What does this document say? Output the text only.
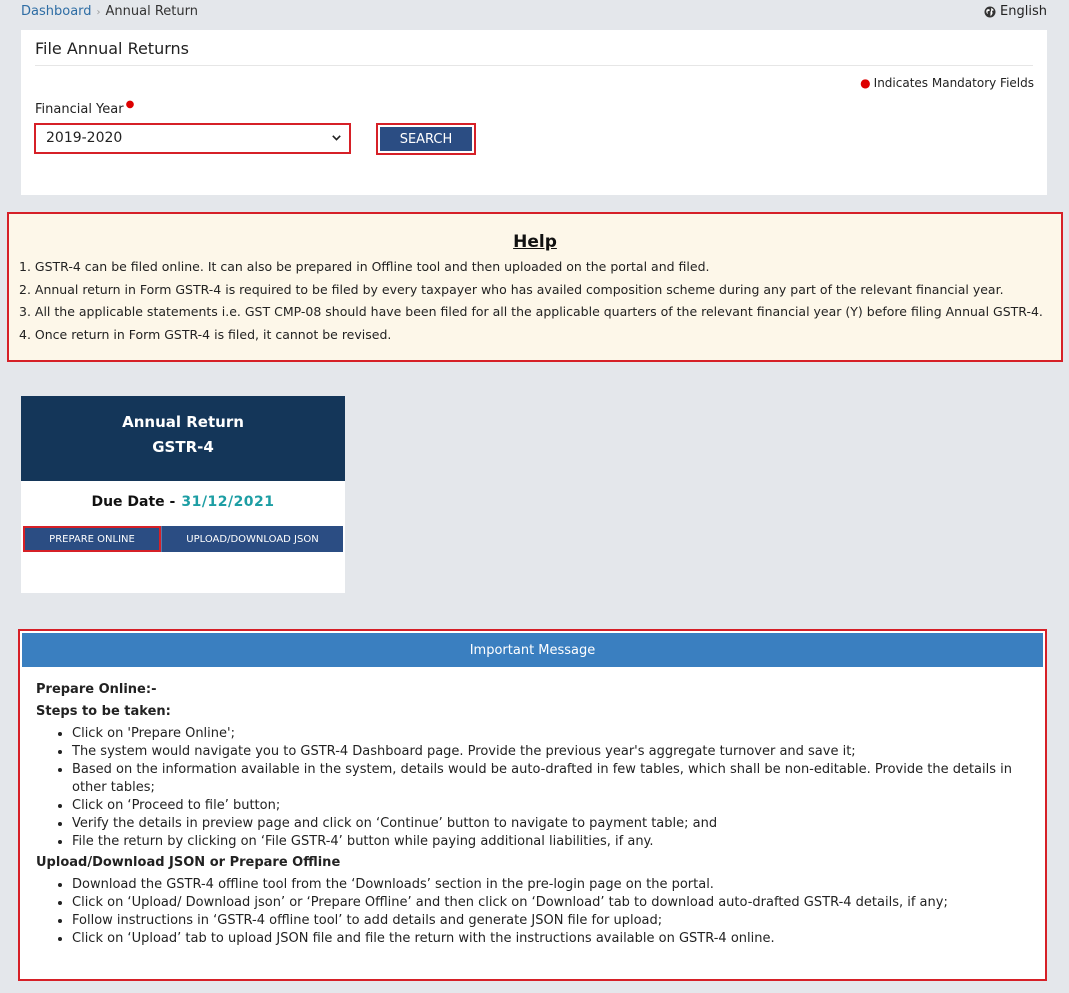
Dashboard › Annual Return	English
File Annual Returns
● Indicates Mandatory Fields
Financial Year ●
2019-2020	SEARCH
Help
1. GSTR-4 can be filed online. It can also be prepared in Offline tool and then uploaded on the portal and filed.
2. Annual return in Form GSTR-4 is required to be filed by every taxpayer who has availed composition scheme during any part of the relevant financial year.
3. All the applicable statements i.e. GST CMP-08 should have been filed for all the applicable quarters of the relevant financial year (Y) before filing Annual GSTR-4.
4. Once return in Form GSTR-4 is filed, it cannot be revised.
Annual Return
GSTR-4
Due Date - 31/12/2021
PREPARE ONLINE	UPLOAD/DOWNLOAD JSON
Important Message

Prepare Online:-

Steps to be taken:

• Click on 'Prepare Online';
• The system would navigate you to GSTR-4 Dashboard page. Provide the previous year's aggregate turnover and save it;
• Based on the information available in the system, details would be auto-drafted in few tables, which shall be non-editable. Provide the details in other tables;
• Click on ‘Proceed to file’ button;
• Verify the details in preview page and click on ‘Continue’ button to navigate to payment table; and
• File the return by clicking on ‘File GSTR-4’ button while paying additional liabilities, if any.

Upload/Download JSON or Prepare Offline

• Download the GSTR-4 offline tool from the ‘Downloads’ section in the pre-login page on the portal.
• Click on ‘Upload/ Download json’ or ‘Prepare Offline’ and then click on ‘Download’ tab to download auto-drafted GSTR-4 details, if any;
• Follow instructions in ‘GSTR-4 offline tool’ to add details and generate JSON file for upload;
• Click on ‘Upload’ tab to upload JSON file and file the return with the instructions available on GSTR-4 online.
